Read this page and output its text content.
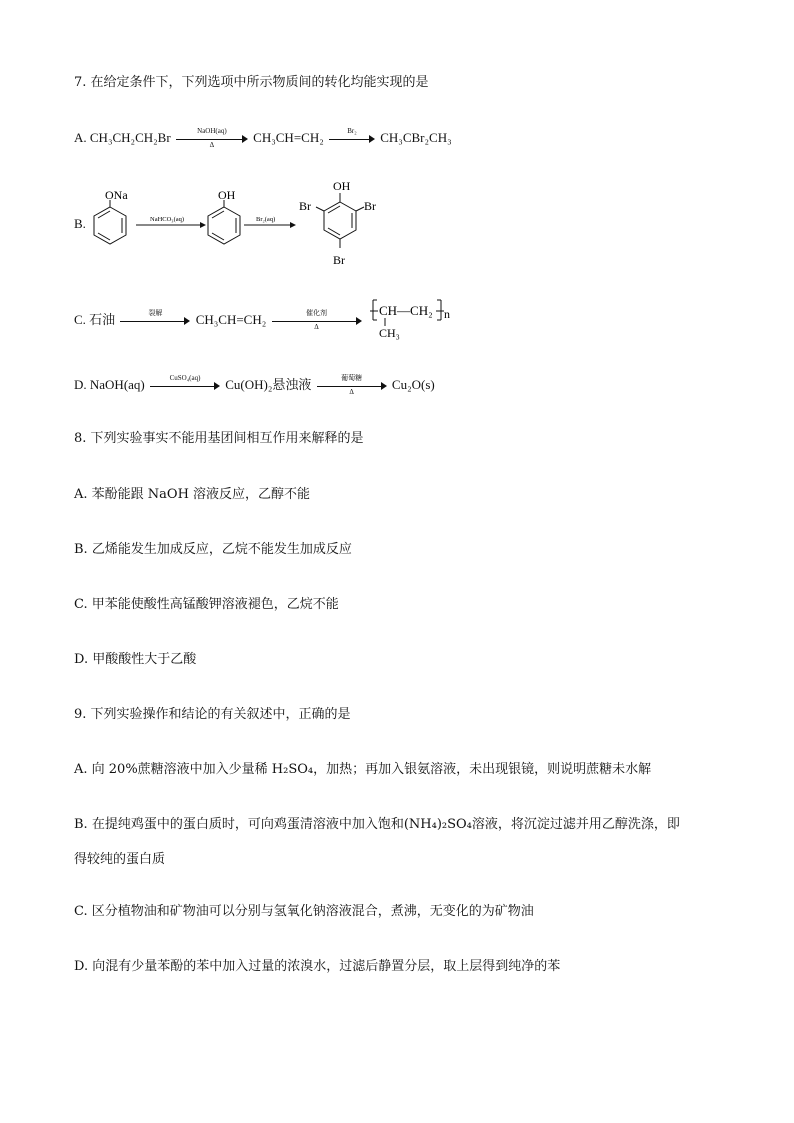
7. 在给定条件下，下列选项中所示物质间的转化均能实现的是
A. CH₃CH₂CH₂Br	NaOH(aq)
Δ
CH₃CH=CH₂	Br₂	CH₃CBr₂CH₃
B.
ONa
NaHCO₃(aq)
OH
Br₂(aq)
OH
Br	Br
Br
C. 石油	裂解	CH₃CH=CH₂	催化剂
Δ
CH—CH₂ n
CH₃
D. NaOH(aq)	CuSO₄(aq)	Cu(OH)₂悬浊液	葡萄糖
Δ
Cu₂O(s)
8. 下列实验事实不能用基团间相互作用来解释的是
A. 苯酚能跟 NaOH 溶液反应，乙醇不能
B. 乙烯能发生加成反应，乙烷不能发生加成反应
C. 甲苯能使酸性高锰酸钾溶液褪色，乙烷不能
D. 甲酸酸性大于乙酸
9. 下列实验操作和结论的有关叙述中，正确的是
A. 向 20%蔗糖溶液中加入少量稀 H₂SO₄，加热；再加入银氨溶液，未出现银镜，则说明蔗糖未水解
B. 在提纯鸡蛋中的蛋白质时，可向鸡蛋清溶液中加入饱和(NH₄)₂SO₄溶液，将沉淀过滤并用乙醇洗涤，即
得较纯的蛋白质
C. 区分植物油和矿物油可以分别与氢氧化钠溶液混合，煮沸，无变化的为矿物油
D. 向混有少量苯酚的苯中加入过量的浓溴水，过滤后静置分层，取上层得到纯净的苯
